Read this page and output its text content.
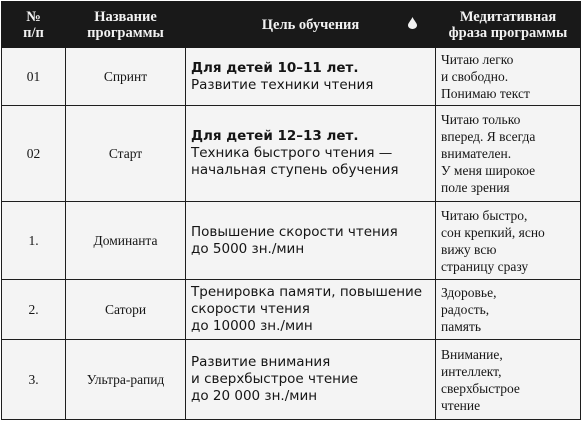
№
п/п	Название
программы	Цель обучения	Медитативная
фраза программы

01	Спринт	Для детей 10–11 лет.
Развитие техники чтения	Читаю легко
и свободно.
Понимаю текст

02	Старт	Для детей 12–13 лет.
Техника быстрого чтения —
начальная ступень обучения	Читаю только
вперед. Я всегда
внимателен.
У меня широкое
поле зрения

1.	Доминанта	Повышение скорости чтения
до 5000 зн./мин	Читаю быстро,
сон крепкий, ясно
вижу всю
страницу сразу

2.	Сатори	Тренировка памяти, повышение
скорости чтения
до 10000 зн./мин	Здоровье,
радость,
память

3.	Ультра-рапид	Развитие внимания
и сверхбыстрое чтение
до 20 000 зн./мин	Внимание,
интеллект,
сверхбыстрое
чтение
